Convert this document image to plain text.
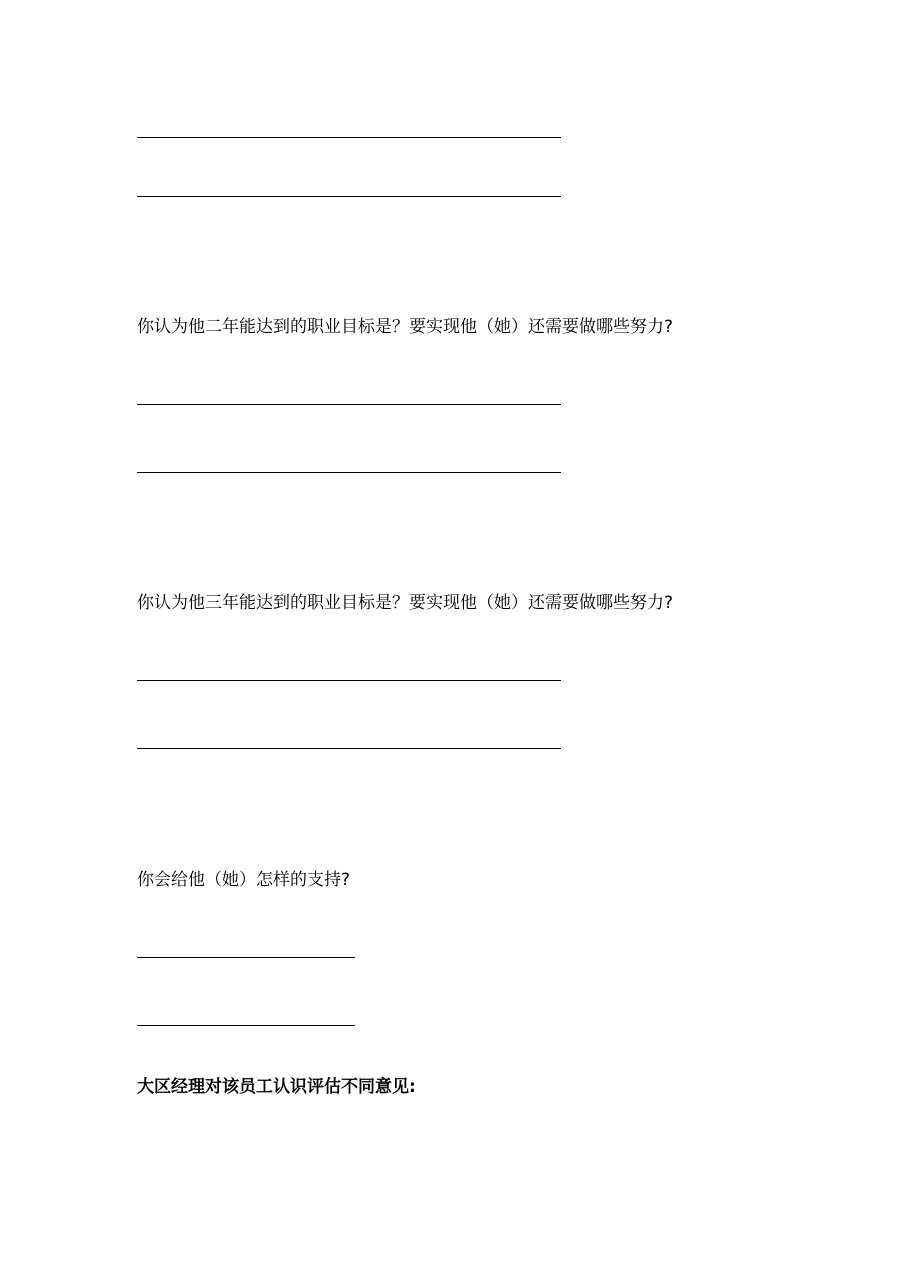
你认为他二年能达到的职业目标是？要实现他（她）还需要做哪些努力?
你认为他三年能达到的职业目标是？要实现他（她）还需要做哪些努力?
你会给他（她）怎样的支持?
大区经理对该员工认识评估不同意见:
